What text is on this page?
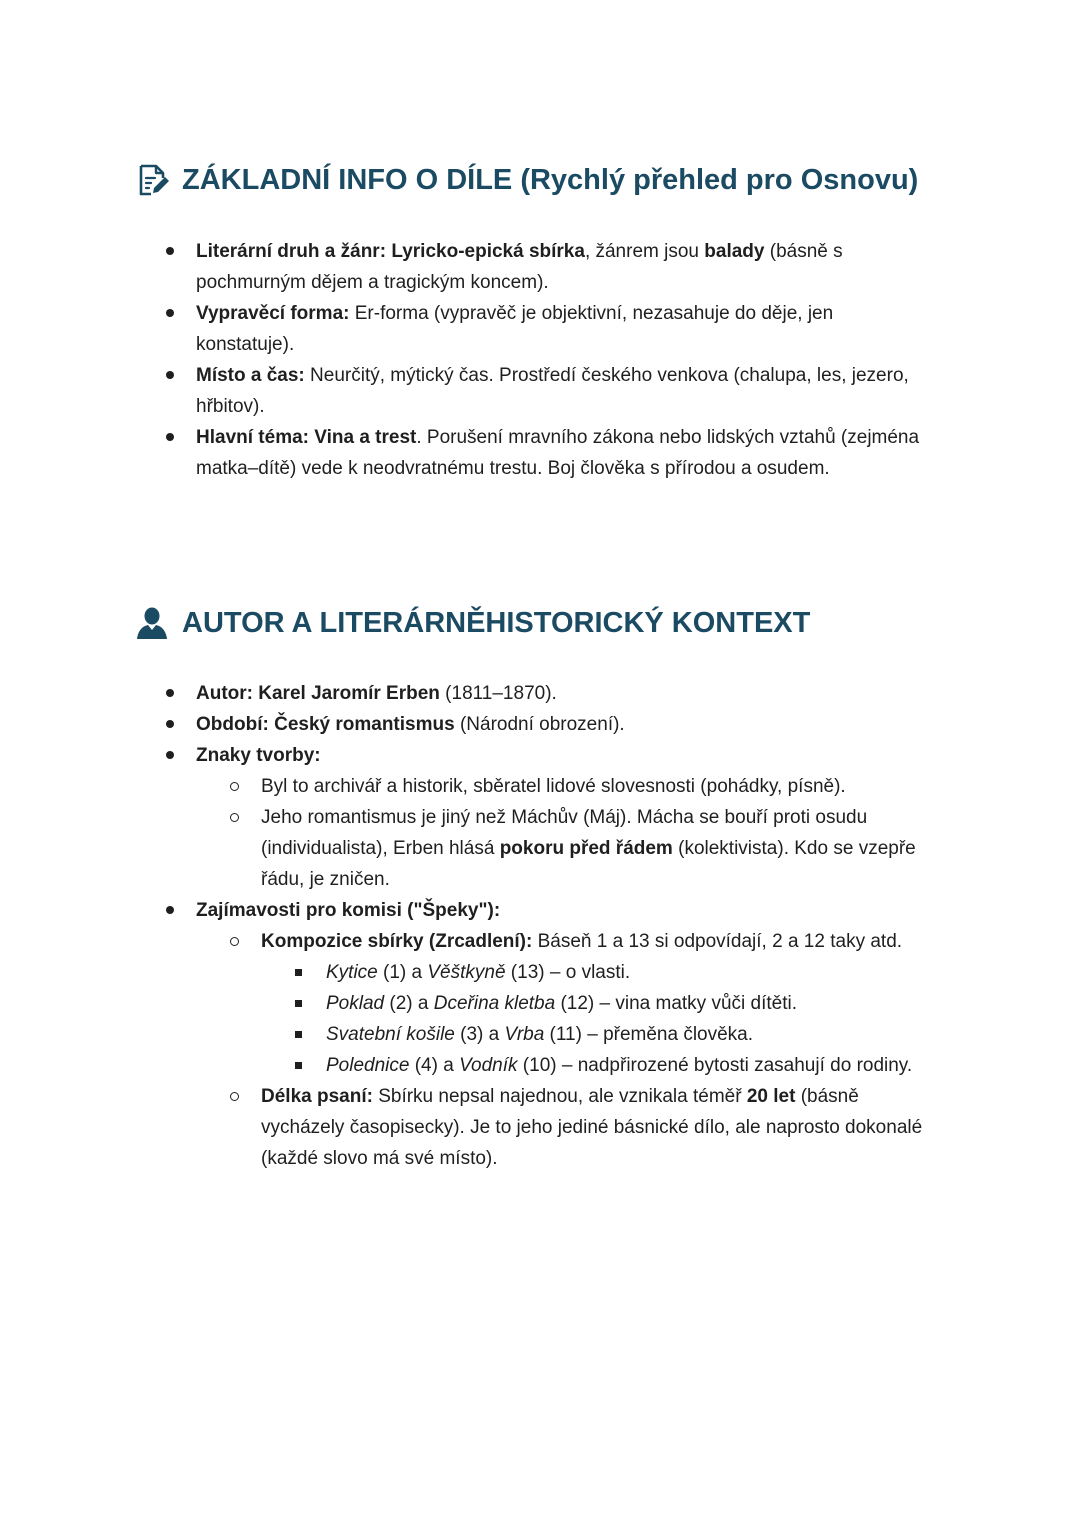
ZÁKLADNÍ INFO O DÍLE (Rychlý přehled pro Osnovu)
Literární druh a žánr: Lyricko-epická sbírka, žánrem jsou balady (básně s pochmurným dějem a tragickým koncem).
Vypravěcí forma: Er-forma (vypravěč je objektivní, nezasahuje do děje, jen konstatuje).
Místo a čas: Neurčitý, mýtický čas. Prostředí českého venkova (chalupa, les, jezero, hřbitov).
Hlavní téma: Vina a trest. Porušení mravního zákona nebo lidských vztahů (zejména matka–dítě) vede k neodvratnému trestu. Boj člověka s přírodou a osudem.
AUTOR A LITERÁRNĚHISTORICKÝ KONTEXT
Autor: Karel Jaromír Erben (1811–1870).
Období: Český romantismus (Národní obrození).
Znaky tvorby:
Byl to archivář a historik, sběratel lidové slovesnosti (pohádky, písně).
Jeho romantismus je jiný než Máchův (Máj). Mácha se bouří proti osudu (individualista), Erben hlásá pokoru před řádem (kolektivista). Kdo se vzepře řádu, je zničen.
Zajímavosti pro komisi ("Špeky"):
Kompozice sbírky (Zrcadlení): Báseň 1 a 13 si odpovídají, 2 a 12 taky atd.
Kytice (1) a Věštkyně (13) – o vlasti.
Poklad (2) a Dceřina kletba (12) – vina matky vůči dítěti.
Svatební košile (3) a Vrba (11) – přeměna člověka.
Polednice (4) a Vodník (10) – nadpřirozené bytosti zasahují do rodiny.
Délka psaní: Sbírku nepsal najednou, ale vznikala téměř 20 let (básně vycházely časopisecky). Je to jeho jediné básnické dílo, ale naprosto dokonalé (každé slovo má své místo).
